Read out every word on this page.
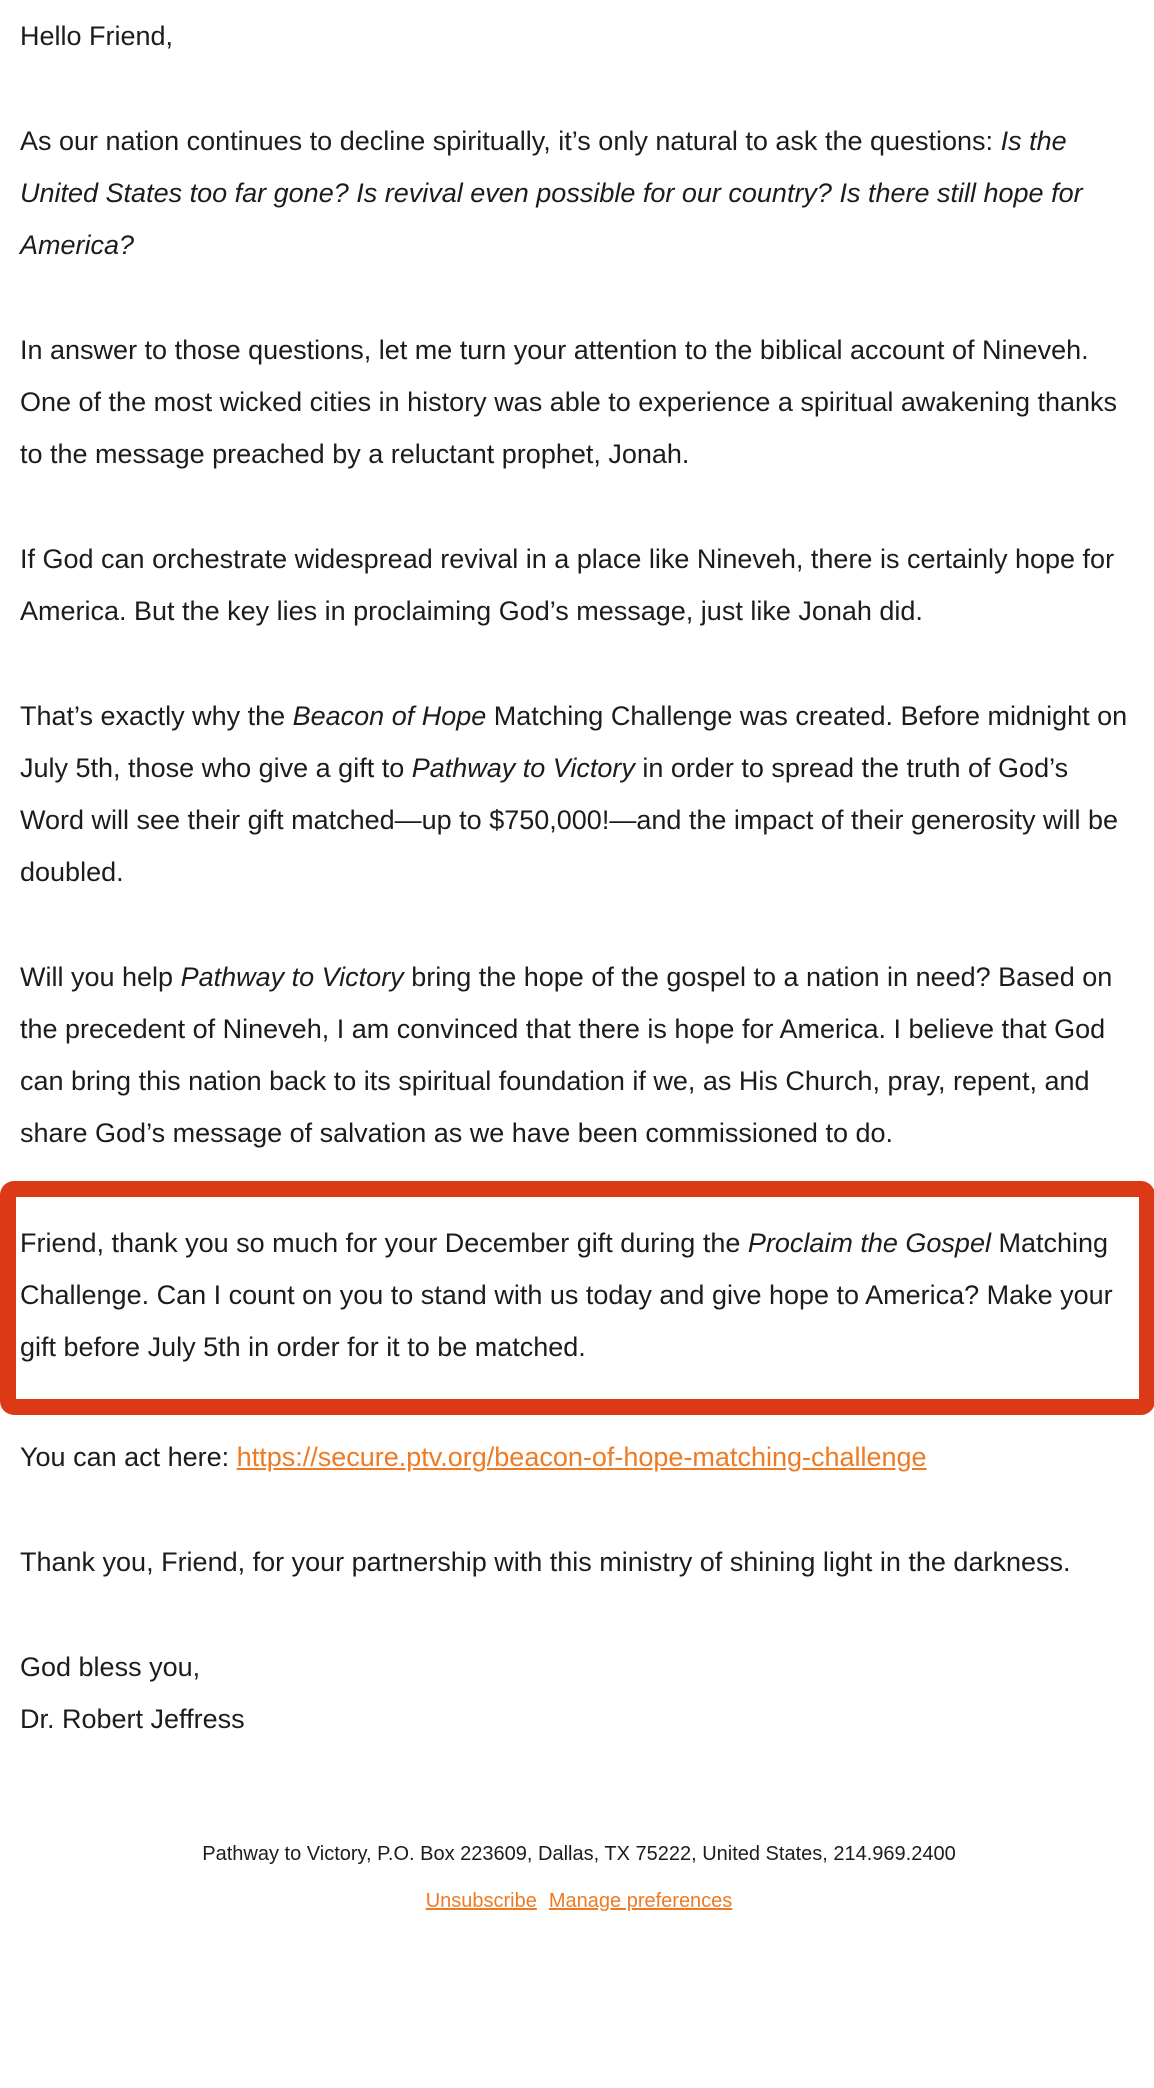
Hello Friend,

As our nation continues to decline spiritually, it’s only natural to ask the questions: Is the United States too far gone? Is revival even possible for our country? Is there still hope for America?

In answer to those questions, let me turn your attention to the biblical account of Nineveh. One of the most wicked cities in history was able to experience a spiritual awakening thanks to the message preached by a reluctant prophet, Jonah.

If God can orchestrate widespread revival in a place like Nineveh, there is certainly hope for America. But the key lies in proclaiming God’s message, just like Jonah did.

That’s exactly why the Beacon of Hope Matching Challenge was created. Before midnight on July 5th, those who give a gift to Pathway to Victory in order to spread the truth of God’s Word will see their gift matched—up to $750,000!—and the impact of their generosity will be doubled.

Will you help Pathway to Victory bring the hope of the gospel to a nation in need? Based on the precedent of Nineveh, I am convinced that there is hope for America. I believe that God can bring this nation back to its spiritual foundation if we, as His Church, pray, repent, and share God’s message of salvation as we have been commissioned to do.

Friend, thank you so much for your December gift during the Proclaim the Gospel Matching Challenge. Can I count on you to stand with us today and give hope to America? Make your gift before July 5th in order for it to be matched.

You can act here: https://secure.ptv.org/beacon-of-hope-matching-challenge

Thank you, Friend, for your partnership with this ministry of shining light in the darkness.

God bless you,

Dr. Robert Jeffress

Pathway to Victory, P.O. Box 223609, Dallas, TX 75222, United States, 214.969.2400

Unsubscribe Manage preferences
